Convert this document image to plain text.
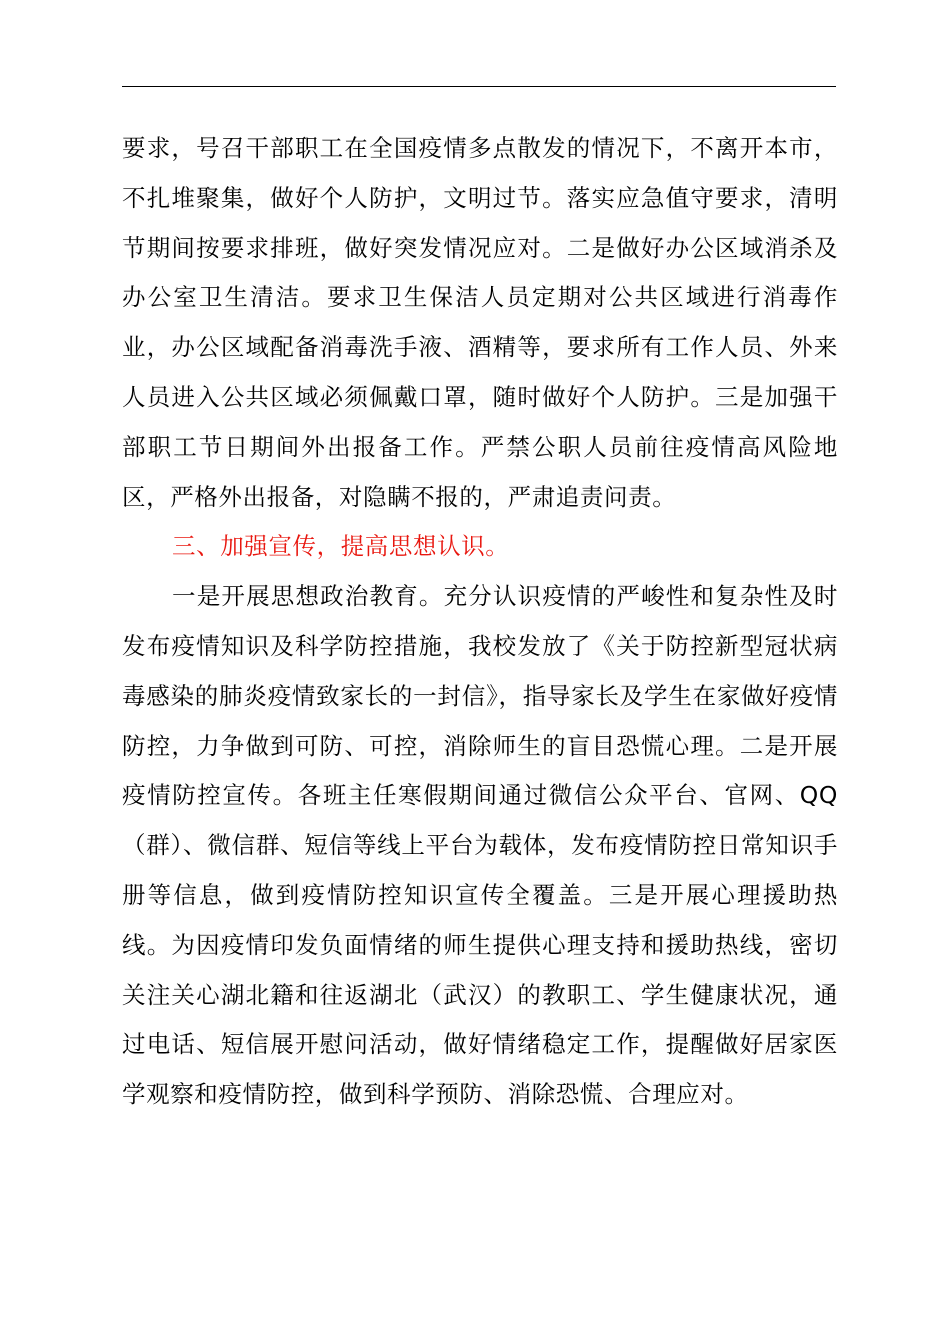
要求，号召干部职工在全国疫情多点散发的情况下，不离开本市，不扎堆聚集，做好个人防护，文明过节。落实应急值守要求，清明节期间按要求排班，做好突发情况应对。二是做好办公区域消杀及办公室卫生清洁。要求卫生保洁人员定期对公共区域进行消毒作业，办公区域配备消毒洗手液、酒精等，要求所有工作人员、外来人员进入公共区域必须佩戴口罩，随时做好个人防护。三是加强干部职工节日期间外出报备工作。严禁公职人员前往疫情高风险地区，严格外出报备，对隐瞒不报的，严肃追责问责。

三、加强宣传，提高思想认识。

一是开展思想政治教育。充分认识疫情的严峻性和复杂性及时发布疫情知识及科学防控措施，我校发放了《关于防控新型冠状病毒感染的肺炎疫情致家长的一封信》，指导家长及学生在家做好疫情防控，力争做到可防、可控，消除师生的盲目恐慌心理。二是开展疫情防控宣传。各班主任寒假期间通过微信公众平台、官网、QQ（群）、微信群、短信等线上平台为载体，发布疫情防控日常知识手册等信息，做到疫情防控知识宣传全覆盖。三是开展心理援助热线。为因疫情印发负面情绪的师生提供心理支持和援助热线，密切关注关心湖北籍和往返湖北（武汉）的教职工、学生健康状况，通过电话、短信展开慰问活动，做好情绪稳定工作，提醒做好居家医学观察和疫情防控，做到科学预防、消除恐慌、合理应对。
